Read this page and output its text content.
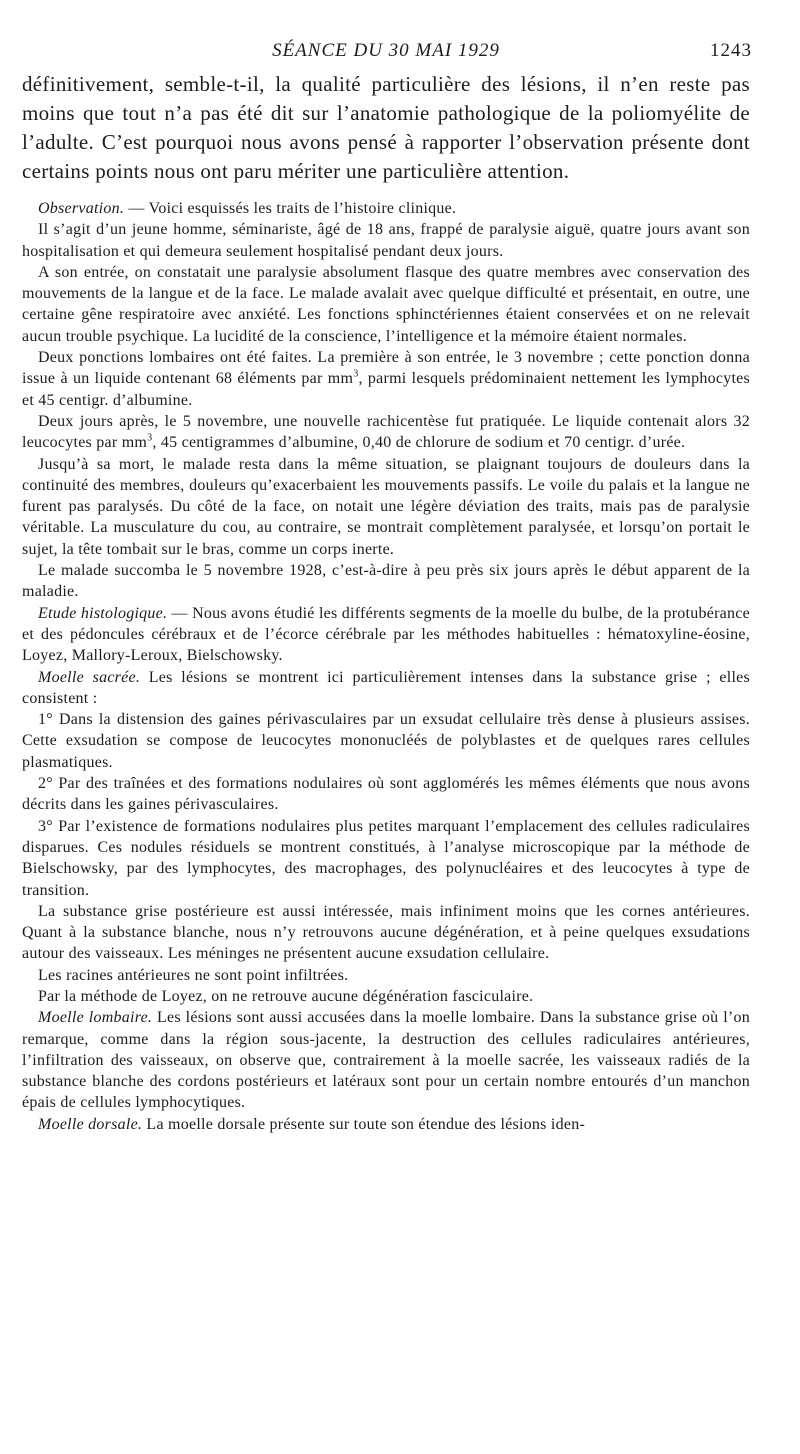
SÉANCE DU 30 MAI 1929	1243

définitivement, semble-t-il, la qualité particulière des lésions, il n’en reste pas moins que tout n’a pas été dit sur l’anatomie pathologique de la poliomyélite de l’adulte. C’est pourquoi nous avons pensé à rapporter l’observation présente dont certains points nous ont paru mériter une particulière attention.

Observation. — Voici esquissés les traits de l’histoire clinique.

Il s’agit d’un jeune homme, séminariste, âgé de 18 ans, frappé de paralysie aiguë, quatre jours avant son hospitalisation et qui demeura seulement hospitalisé pendant deux jours.

A son entrée, on constatait une paralysie absolument flasque des quatre membres avec conservation des mouvements de la langue et de la face. Le malade avalait avec quelque difficulté et présentait, en outre, une certaine gêne respiratoire avec anxiété. Les fonctions sphinctériennes étaient conservées et on ne relevait aucun trouble psychique. La lucidité de la conscience, l’intelligence et la mémoire étaient normales.

Deux ponctions lombaires ont été faites. La première à son entrée, le 3 novembre ; cette ponction donna issue à un liquide contenant 68 éléments par $mm^3$, parmi lesquels prédominaient nettement les lymphocytes et 45 centigr. d’albumine.

Deux jours après, le 5 novembre, une nouvelle rachicentèse fut pratiquée. Le liquide contenait alors 32 leucocytes par $mm^3$, 45 centigrammes d’albumine, 0,40 de chlorure de sodium et 70 centigr. d’urée.

Jusqu’à sa mort, le malade resta dans la même situation, se plaignant toujours de douleurs dans la continuité des membres, douleurs qu’exacerbaient les mouvements passifs. Le voile du palais et la langue ne furent pas paralysés. Du côté de la face, on notait une légère déviation des traits, mais pas de paralysie véritable. La musculature du cou, au contraire, se montrait complètement paralysée, et lorsqu’on portait le sujet, la tête tombait sur le bras, comme un corps inerte.

Le malade succomba le 5 novembre 1928, c’est-à-dire à peu près six jours après le début apparent de la maladie.

Etude histologique. — Nous avons étudié les différents segments de la moelle du bulbe, de la protubérance et des pédoncules cérébraux et de l’écorce cérébrale par les méthodes habituelles : hématoxyline-éosine, Loyez, Mallory-Leroux, Bielschowsky.

Moelle sacrée. Les lésions se montrent ici particulièrement intenses dans la substance grise ; elles consistent :

1° Dans la distension des gaines périvasculaires par un exsudat cellulaire très dense à plusieurs assises. Cette exsudation se compose de leucocytes mononucléés de polyblastes et de quelques rares cellules plasmatiques.

2° Par des traînées et des formations nodulaires où sont agglomérés les mêmes éléments que nous avons décrits dans les gaines périvasculaires.

3° Par l’existence de formations nodulaires plus petites marquant l’emplacement des cellules radiculaires disparues. Ces nodules résiduels se montrent constitués, à l’analyse microscopique par la méthode de Bielschowsky, par des lymphocytes, des macrophages, des polynucléaires et des leucocytes à type de transition.

La substance grise postérieure est aussi intéressée, mais infiniment moins que les cornes antérieures. Quant à la substance blanche, nous n’y retrouvons aucune dégénération, et à peine quelques exsudations autour des vaisseaux. Les méninges ne présentent aucune exsudation cellulaire.

Les racines antérieures ne sont point infiltrées.

Par la méthode de Loyez, on ne retrouve aucune dégénération fasciculaire.

Moelle lombaire. Les lésions sont aussi accusées dans la moelle lombaire. Dans la substance grise où l’on remarque, comme dans la région sous-jacente, la destruction des cellules radiculaires antérieures, l’infiltration des vaisseaux, on observe que, contrairement à la moelle sacrée, les vaisseaux radiés de la substance blanche des cordons postérieurs et latéraux sont pour un certain nombre entourés d’un manchon épais de cellules lymphocytiques.

Moelle dorsale. La moelle dorsale présente sur toute son étendue des lésions iden-
